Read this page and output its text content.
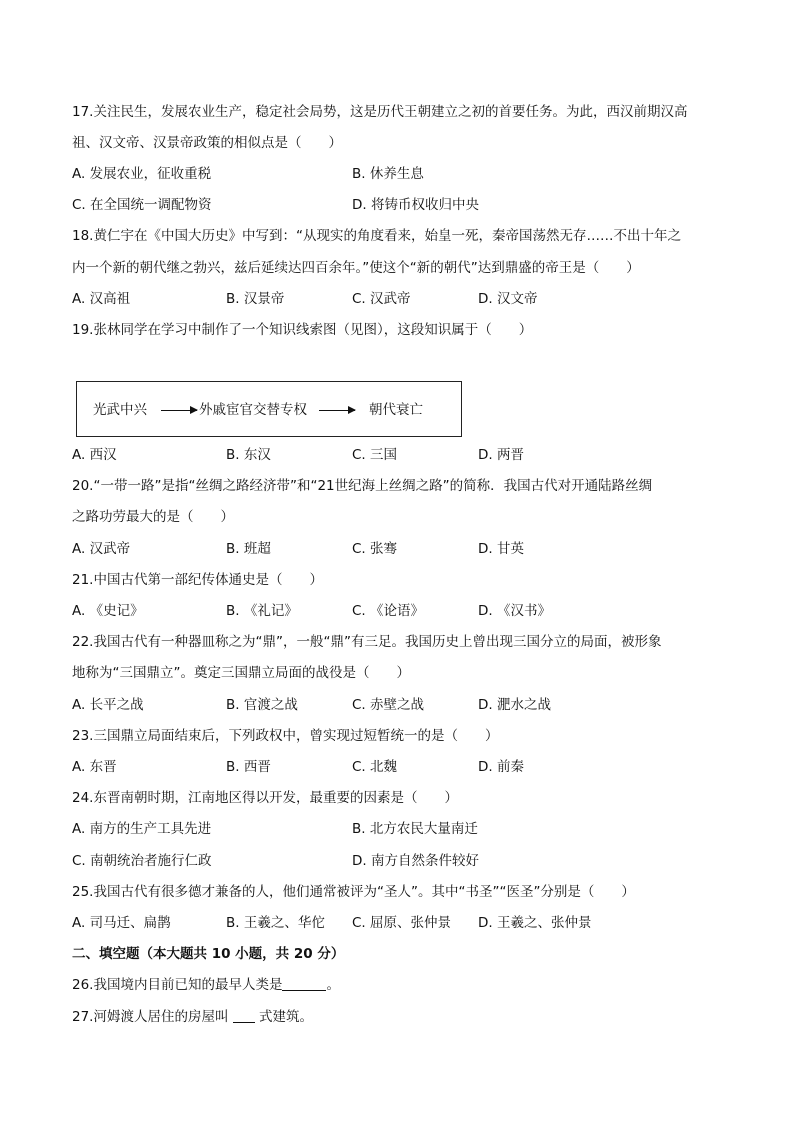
17.关注民生，发展农业生产，稳定社会局势，这是历代王朝建立之初的首要任务。为此，西汉前期汉高
祖、汉文帝、汉景帝政策的相似点是（　　）
A. 发展农业，征收重税	B. 休养生息
C. 在全国统一调配物资	D. 将铸币权收归中央
18.黄仁宇在《中国大历史》中写到：“从现实的角度看来，始皇一死，秦帝国荡然无存……不出十年之
内一个新的朝代继之勃兴，兹后延续达四百余年。”使这个“新的朝代”达到鼎盛的帝王是（　　）
A. 汉高祖	B. 汉景帝	C. 汉武帝	D. 汉文帝
19.张林同学在学习中制作了一个知识线索图（见图），这段知识属于（　　）
A. 西汉	B. 东汉	C. 三国	D. 两晋
20.“一带一路”是指“丝绸之路经济带”和“21世纪海上丝绸之路”的简称．我国古代对开通陆路丝绸
之路功劳最大的是（　　）
A. 汉武帝	B. 班超	C. 张骞	D. 甘英
21.中国古代第一部纪传体通史是（　　）
A. 《史记》	B. 《礼记》	C. 《论语》	D. 《汉书》
22.我国古代有一种器皿称之为“鼎”，一般“鼎”有三足。我国历史上曾出现三国分立的局面，被形象
地称为“三国鼎立”。奠定三国鼎立局面的战役是（　　）
A. 长平之战	B. 官渡之战	C. 赤壁之战	D. 淝水之战
23.三国鼎立局面结束后，下列政权中，曾实现过短暂统一的是（　　）
A. 东晋	B. 西晋	C. 北魏	D. 前秦
24.东晋南朝时期，江南地区得以开发，最重要的因素是（　　）
A. 南方的生产工具先进	B. 北方农民大量南迁
C. 南朝统治者施行仁政	D. 南方自然条件较好
25.我国古代有很多德才兼备的人，他们通常被评为“圣人”。其中“书圣”“医圣”分别是（　　）
A. 司马迁、扁鹊	B. 王羲之、华佗 C. 屈原、张仲景 D. 王羲之、张仲景
二、填空题（本大题共 10 小题，共 20 分）
26.我国境内目前已知的最早人类是	。
27.河姆渡人居住的房屋叫  式建筑。
光武中兴	外戚宦官交替专权	朝代衰亡
